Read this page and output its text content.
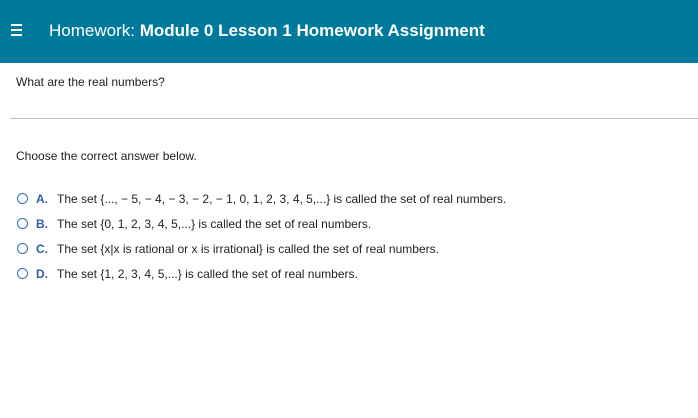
Homework: Module 0 Lesson 1 Homework Assignment
What are the real numbers?
Choose the correct answer below.
A. The set {..., − 5, − 4, − 3, − 2, − 1, 0, 1, 2, 3, 4, 5,...} is called the set of real numbers.
B. The set {0, 1, 2, 3, 4, 5,...} is called the set of real numbers.
C. The set {x|x is rational or x is irrational} is called the set of real numbers.
D. The set {1, 2, 3, 4, 5,...} is called the set of real numbers.
